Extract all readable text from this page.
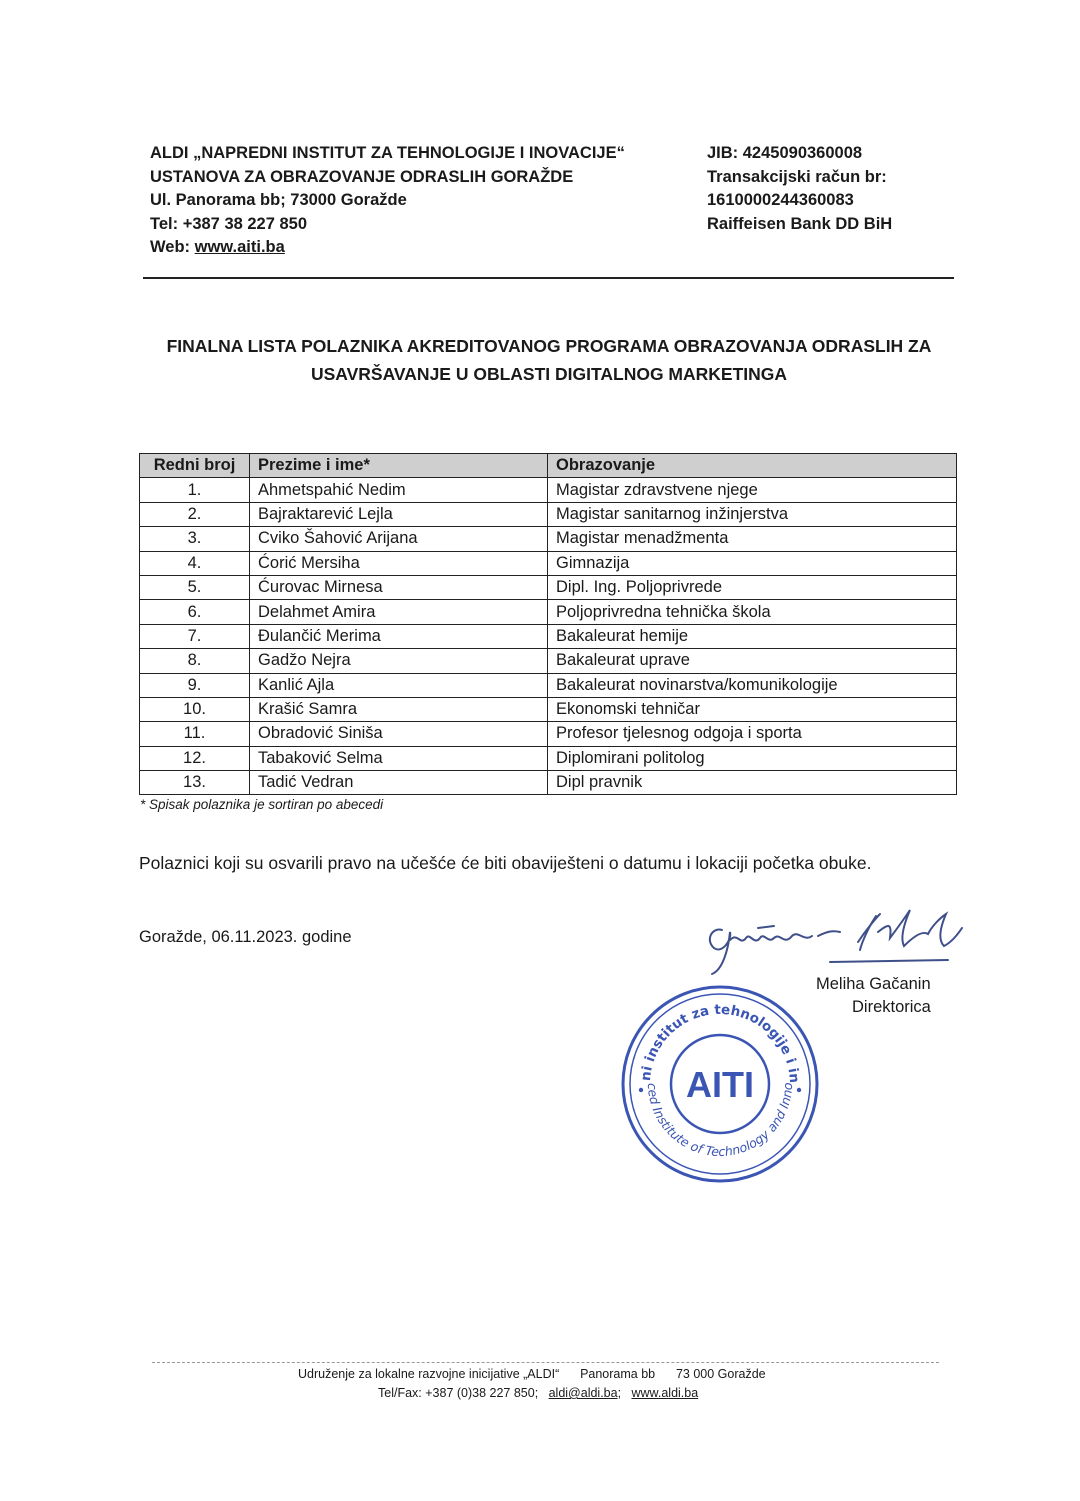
ALDI „NAPREDNI INSTITUT ZA TEHNOLOGIJE I INOVACIJE“
USTANOVA ZA OBRAZOVANJE ODRASLIH GORAŽDE
Ul. Panorama bb; 73000 Goražde
Tel: +387 38 227 850
Web: www.aiti.ba
JIB: 4245090360008
Transakcijski račun br:
1610000244360083
Raiffeisen Bank DD BiH
FINALNA LISTA POLAZNIKA AKREDITOVANOG PROGRAMA OBRAZOVANJA ODRASLIH ZA
USAVRŠAVANJE U OBLASTI DIGITALNOG MARKETINGA
Redni broj	Prezime i ime*	Obrazovanje
1.	Ahmetspahić Nedim	Magistar zdravstvene njege
2.	Bajraktarević Lejla	Magistar sanitarnog inžinjerstva
3.	Cviko Šahović Arijana	Magistar menadžmenta
4.	Ćorić Mersiha	Gimnazija
5.	Ćurovac Mirnesa	Dipl. Ing. Poljoprivrede
6.	Delahmet Amira	Poljoprivredna tehnička škola
7.	Đulančić Merima	Bakaleurat hemije
8.	Gadžo Nejra	Bakaleurat uprave
9.	Kanlić Ajla	Bakaleurat novinarstva/komunikologije
10.	Krašić Samra	Ekonomski tehničar
11.	Obradović Siniša	Profesor tjelesnog odgoja i sporta
12.	Tabaković Selma	Diplomirani politolog
13.	Tadić Vedran	Dipl pravnik
* Spisak polaznika je sortiran po abecedi
Polaznici koji su osvarili pravo na učešće će biti obaviješteni o datumu i lokaciji početka obuke.
Goražde, 06.11.2023. godine
Meliha Gačanin
Direktorica
ni institut za tehnologije i in
ced Institute of Technology and Inno
AITI
Udruženje za lokalne razvojne inicijative „ALDI“      Panorama bb      73 000 Goražde
Tel/Fax: +387 (0)38 227 850;   aldi@aldi.ba;   www.aldi.ba
